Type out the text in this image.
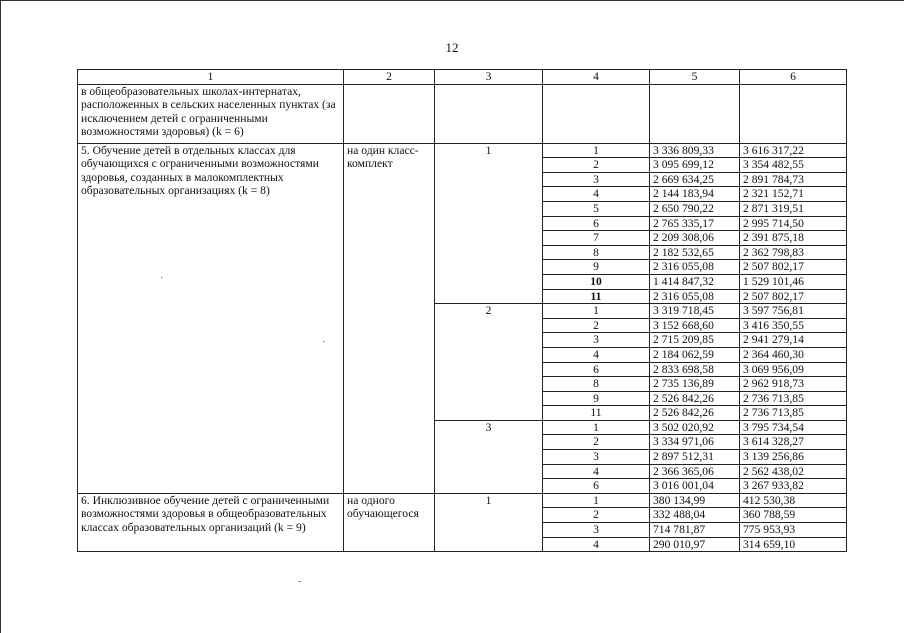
12
1	2	3	4	5	6
в общеобразовательных школах-интернатах, расположенных в сельских населенных пунктах (за исключением детей с ограниченными возможностями здоровья) (k = 6)					
5. Обучение детей в отдельных классах для обучающихся с ограниченными возможностями здоровья, созданных в малокомплектных образовательных организациях (k = 8)	на один класс-комплект	1	1	3 336 809,33	3 616 317,22
			2	3 095 699,12	3 354 482,55
			3	2 669 634,25	2 891 784,73
			4	2 144 183,94	2 321 152,71
			5	2 650 790,22	2 871 319,51
			6	2 765 335,17	2 995 714,50
			7	2 209 308,06	2 391 875,18
			8	2 182 532,65	2 362 798,83
			9	2 316 055,08	2 507 802,17
			10	1 414 847,32	1 529 101,46
			11	2 316 055,08	2 507 802,17
		2	1	3 319 718,45	3 597 756,81
			2	3 152 668,60	3 416 350,55
			3	2 715 209,85	2 941 279,14
			4	2 184 062,59	2 364 460,30
			6	2 833 698,58	3 069 956,09
			8	2 735 136,89	2 962 918,73
			9	2 526 842,26	2 736 713,85
			11	2 526 842,26	2 736 713,85
		3	1	3 502 020,92	3 795 734,54
			2	3 334 971,06	3 614 328,27
			3	2 897 512,31	3 139 256,86
			4	2 366 365,06	2 562 438,02
			6	3 016 001,04	3 267 933,82
6. Инклюзивное обучение детей с ограниченными возможностями здоровья в общеобразовательных классах образовательных организаций (k = 9)	на одного обучающегося	1	1	380 134,99	412 530,38
			2	332 488,04	360 788,59
			3	714 781,87	775 953,93
			4	290 010,97	314 659,10
·
·
-
